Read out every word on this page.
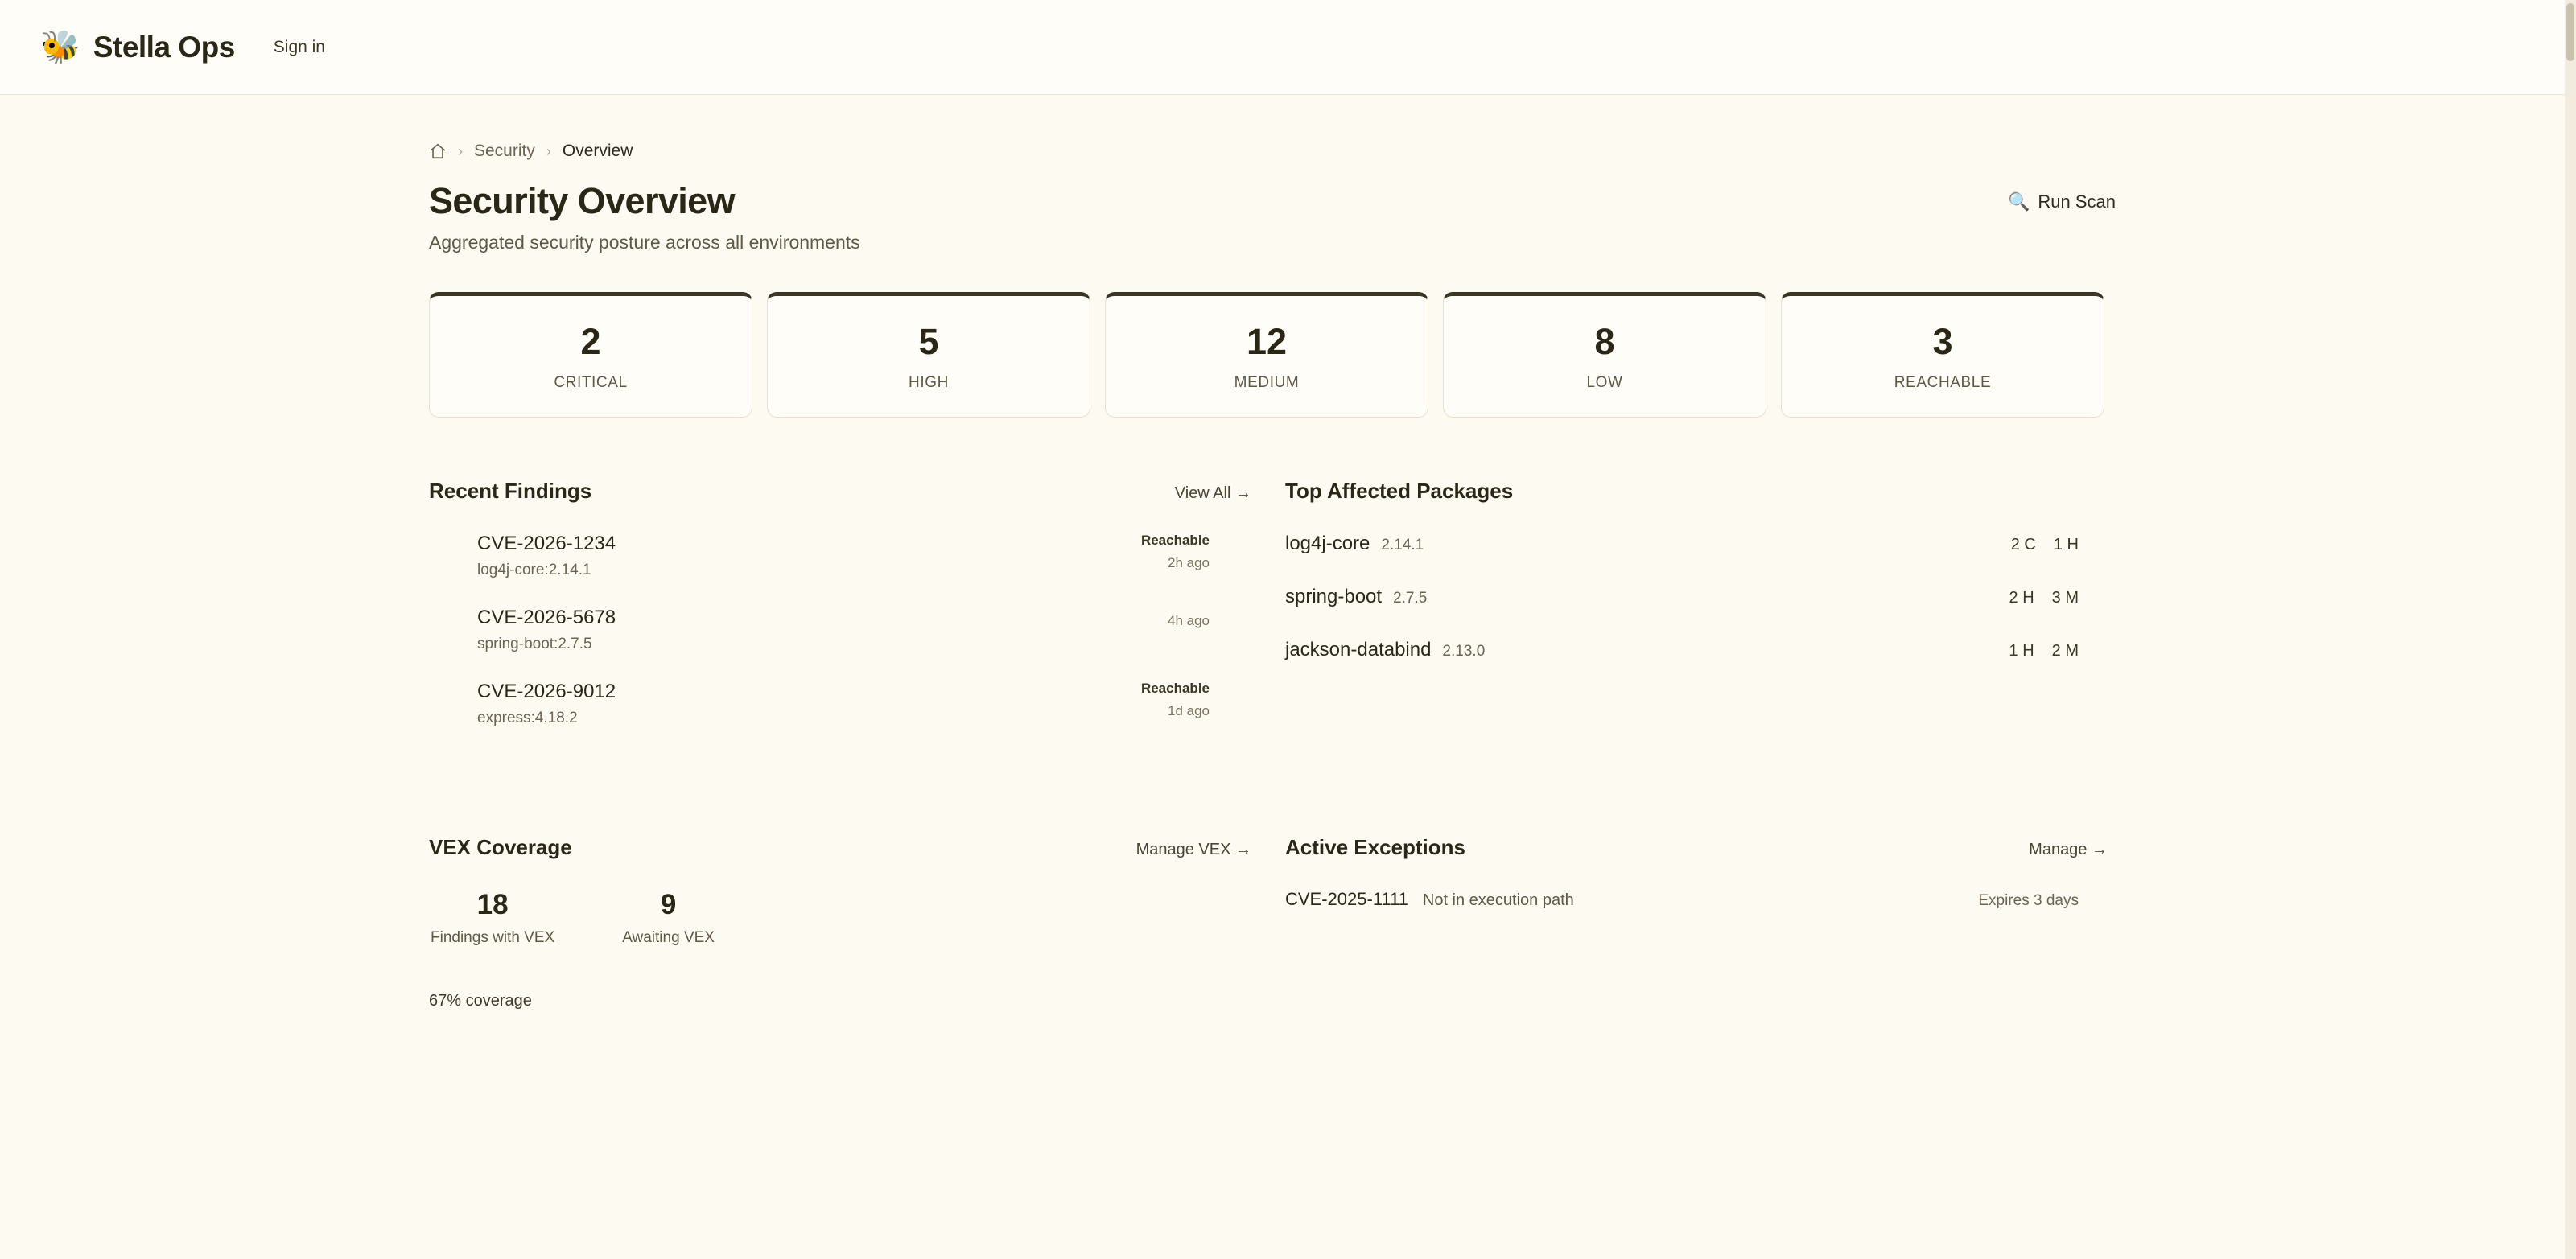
🐝 Stella Ops	Sign in
› Security › Overview
Security Overview
Aggregated security posture across all environments
🔍 Run Scan
2
CRITICAL
5
HIGH
12
MEDIUM
8
LOW
3
REACHABLE
Recent Findings	View All →
CVE-2026-1234
log4j-core:2.14.1
Reachable
2h ago
CVE-2026-5678
spring-boot:2.7.5
4h ago
CVE-2026-9012
express:4.18.2
Reachable
1d ago
Top Affected Packages
log4j-core 2.14.1	2 C 1 H
spring-boot 2.7.5	2 H 3 M
jackson-databind 2.13.0	1 H 2 M
VEX Coverage	Manage VEX →
18
Findings with VEX
9
Awaiting VEX
67% coverage
Active Exceptions	Manage →
CVE-2025-1111 Not in execution path	Expires 3 days
